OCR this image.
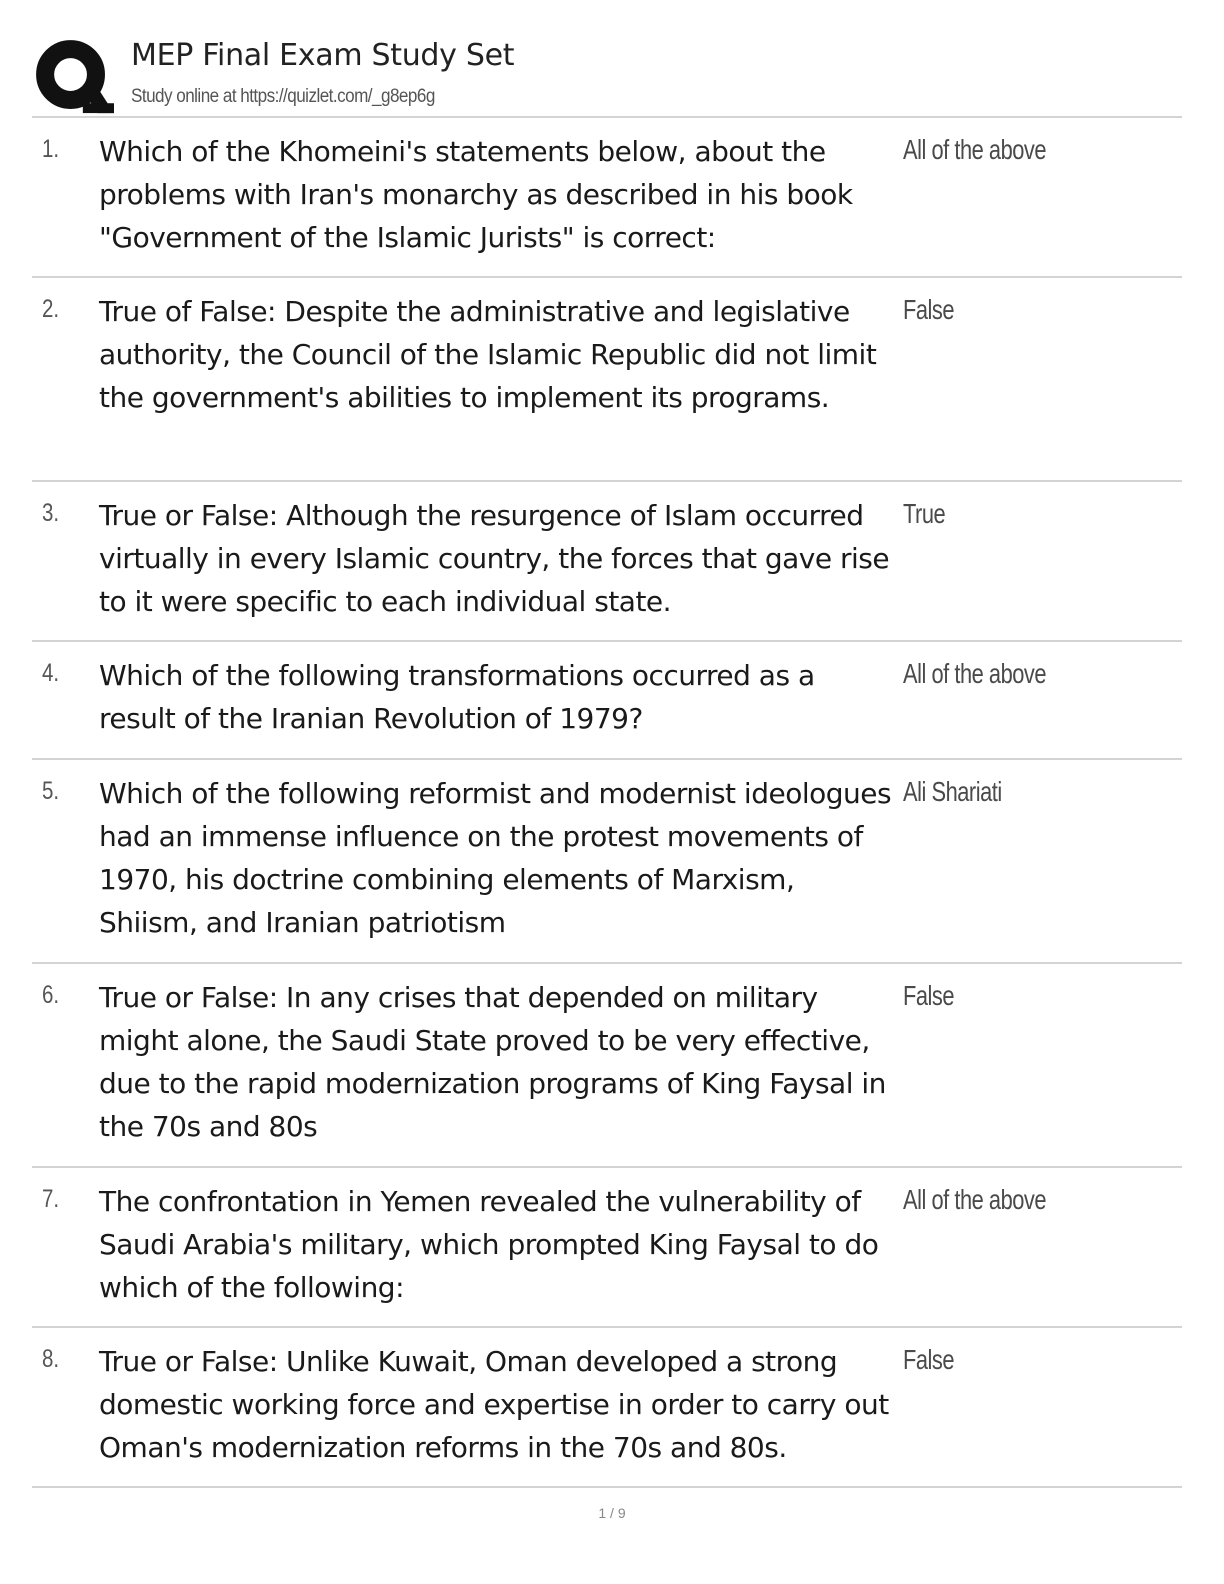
MEP Final Exam Study Set
Study online at https://quizlet.com/_g8ep6g
1. Which of the Khomeini's statements below, about the problems with Iran's monarchy as described in his book "Government of the Islamic Jurists" is correct:
All of the above
2. True of False: Despite the administrative and legislative authority, the Council of the Islamic Republic did not limit the government's abilities to implement its programs.
False
3. True or False: Although the resurgence of Islam occurred virtually in every Islamic country, the forces that gave rise to it were specific to each individual state.
True
4. Which of the following transformations occurred as a result of the Iranian Revolution of 1979?
All of the above
5. Which of the following reformist and modernist ideologues had an immense influence on the protest movements of 1970, his doctrine combining elements of Marxism, Shiism, and Iranian patriotism
Ali Shariati
6. True or False: In any crises that depended on military might alone, the Saudi State proved to be very effective, due to the rapid modernization programs of King Faysal in the 70s and 80s
False
7. The confrontation in Yemen revealed the vulnerability of Saudi Arabia's military, which prompted King Faysal to do which of the following:
All of the above
8. True or False: Unlike Kuwait, Oman developed a strong domestic working force and expertise in order to carry out Oman's modernization reforms in the 70s and 80s.
False
1 / 9
